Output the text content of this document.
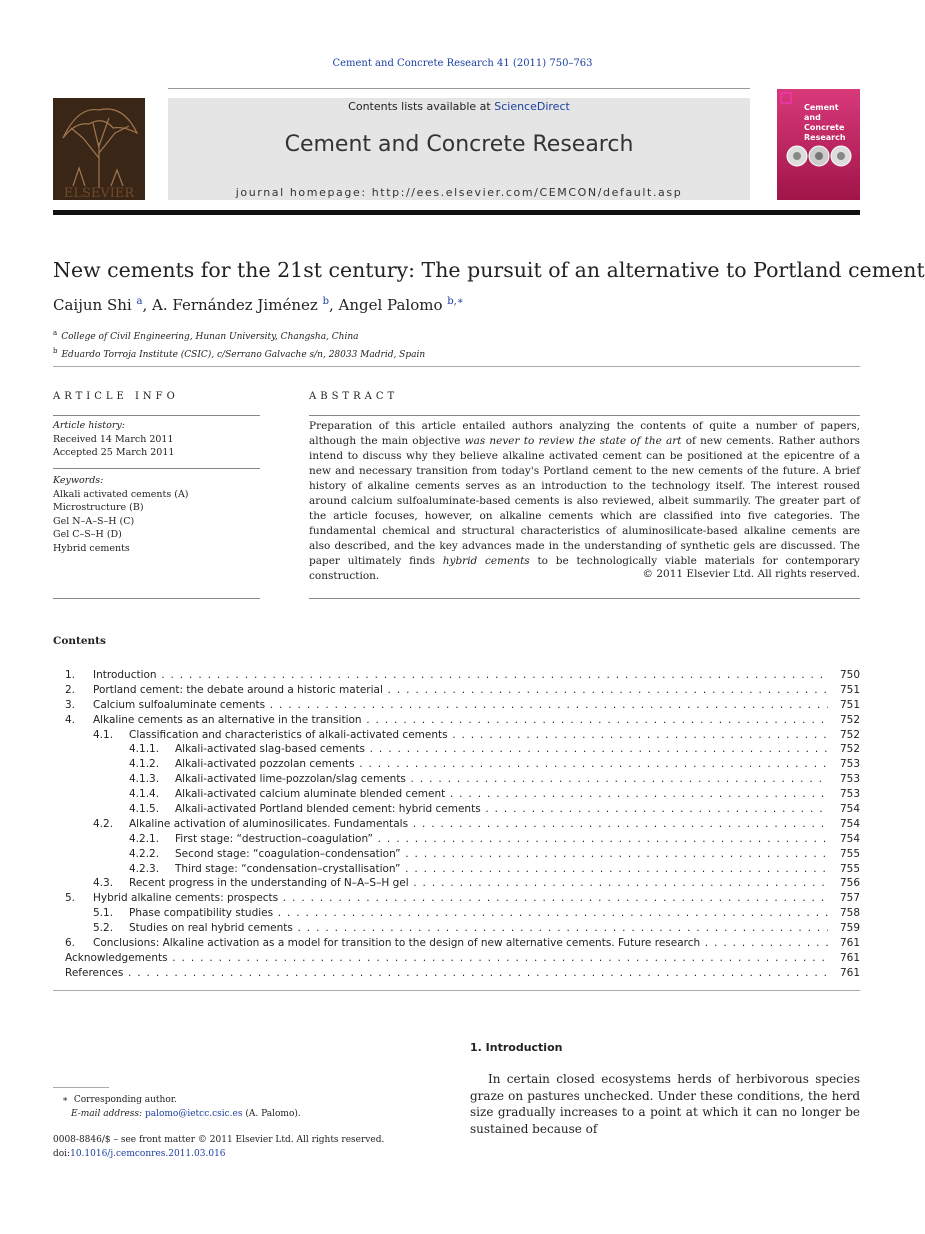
Cement and Concrete Research 41 (2011) 750–763
ELSEVIER
Contents lists available at ScienceDirect
Cement and Concrete Research
journal homepage: http://ees.elsevier.com/CEMCON/default.asp
Cement and Concrete Research
New cements for the 21st century: The pursuit of an alternative to Portland cement
Caijun Shi $^a$, A. Fernández Jiménez $^b$, Angel Palomo $^{b,∗}$
$^a$ College of Civil Engineering, Hunan University, Changsha, China
$^b$ Eduardo Torroja Institute (CSIC), c/Serrano Galvache s/n, 28033 Madrid, Spain
ARTICLE INFO
Article history:
Received 14 March 2011
Accepted 25 March 2011
Keywords:
Alkali activated cements (A)
Microstructure (B)
Gel N–A–S–H (C)
Gel C–S–H (D)
Hybrid cements
ABSTRACT
Preparation of this article entailed authors analyzing the contents of quite a number of papers, although the main objective was never to review the state of the art of new cements. Rather authors intend to discuss why they believe alkaline activated cement can be positioned at the epicentre of a new and necessary transition from today's Portland cement to the new cements of the future. A brief history of alkaline cements serves as an introduction to the technology itself. The interest roused around calcium sulfoaluminate-based cements is also reviewed, albeit summarily. The greater part of the article focuses, however, on alkaline cements which are classified into five categories. The fundamental chemical and structural characteristics of aluminosilicate-based alkaline cements are also described, and the key advances made in the understanding of synthetic gels are discussed. The paper ultimately finds hybrid cements to be technologically viable materials for contemporary construction.	© 2011 Elsevier Ltd. All rights reserved.
Contents
1. Introduction . . .	750
2. Portland cement: the debate around a historic material . . .	751
3. Calcium sulfoaluminate cements . . .	751
4. Alkaline cements as an alternative in the transition . . .	752
4.1. Classification and characteristics of alkali-activated cements . . .	752
4.1.1. Alkali-activated slag-based cements . . .	752
4.1.2. Alkali-activated pozzolan cements . . .	753
4.1.3. Alkali-activated lime-pozzolan/slag cements . . .	753
4.1.4. Alkali-activated calcium aluminate blended cement . . .	753
4.1.5. Alkali-activated Portland blended cement: hybrid cements . . .	754
4.2. Alkaline activation of aluminosilicates. Fundamentals . . .	754
4.2.1. First stage: “destruction–coagulation” . . .	754
4.2.2. Second stage: “coagulation–condensation” . . .	755
4.2.3. Third stage: “condensation–crystallisation” . . .	755
4.3. Recent progress in the understanding of N–A–S–H gel . . .	756
5. Hybrid alkaline cements: prospects . . .	757
5.1. Phase compatibility studies . . .	758
5.2. Studies on real hybrid cements . . .	759
6. Conclusions: Alkaline activation as a model for transition to the design of new alternative cements. Future research . . .	761
Acknowledgements . . .	761
References . . .	761
1. Introduction
In certain closed ecosystems herds of herbivorous species graze on pastures unchecked. Under these conditions, the herd size gradually increases to a point at which it can no longer be sustained because of
∗ Corresponding author.
E-mail address: palomo@ietcc.csic.es (A. Palomo).
0008-8846/$ – see front matter © 2011 Elsevier Ltd. All rights reserved.
doi:10.1016/j.cemconres.2011.03.016
